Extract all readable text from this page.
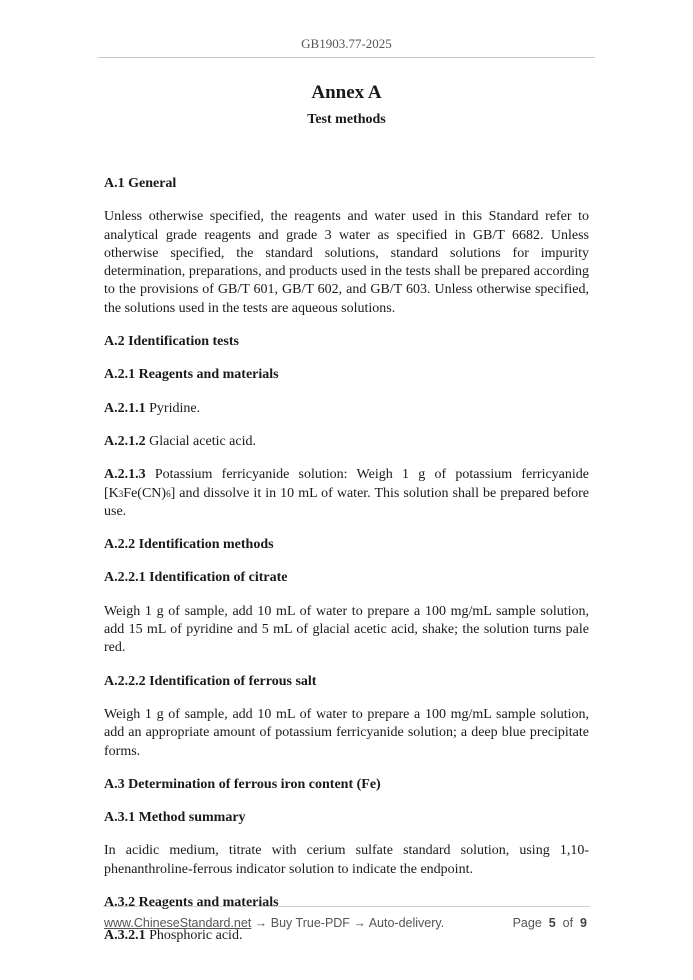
GB1903.77-2025
Annex A
Test methods
A.1 General
Unless otherwise specified, the reagents and water used in this Standard refer to analytical grade reagents and grade 3 water as specified in GB/T 6682. Unless otherwise specified, the standard solutions, standard solutions for impurity determination, preparations, and products used in the tests shall be prepared according to the provisions of GB/T 601, GB/T 602, and GB/T 603. Unless otherwise specified, the solutions used in the tests are aqueous solutions.
A.2 Identification tests
A.2.1 Reagents and materials
A.2.1.1 Pyridine.
A.2.1.2 Glacial acetic acid.
A.2.1.3 Potassium ferricyanide solution: Weigh 1 g of potassium ferricyanide [K3Fe(CN)6] and dissolve it in 10 mL of water. This solution shall be prepared before use.
A.2.2 Identification methods
A.2.2.1 Identification of citrate
Weigh 1 g of sample, add 10 mL of water to prepare a 100 mg/mL sample solution, add 15 mL of pyridine and 5 mL of glacial acetic acid, shake; the solution turns pale red.
A.2.2.2 Identification of ferrous salt
Weigh 1 g of sample, add 10 mL of water to prepare a 100 mg/mL sample solution, add an appropriate amount of potassium ferricyanide solution; a deep blue precipitate forms.
A.3 Determination of ferrous iron content (Fe)
A.3.1 Method summary
In acidic medium, titrate with cerium sulfate standard solution, using 1,10-phenanthroline-ferrous indicator solution to indicate the endpoint.
A.3.2 Reagents and materials
A.3.2.1 Phosphoric acid.
www.ChineseStandard.net → Buy True-PDF → Auto-delivery.	Page 5 of 9
